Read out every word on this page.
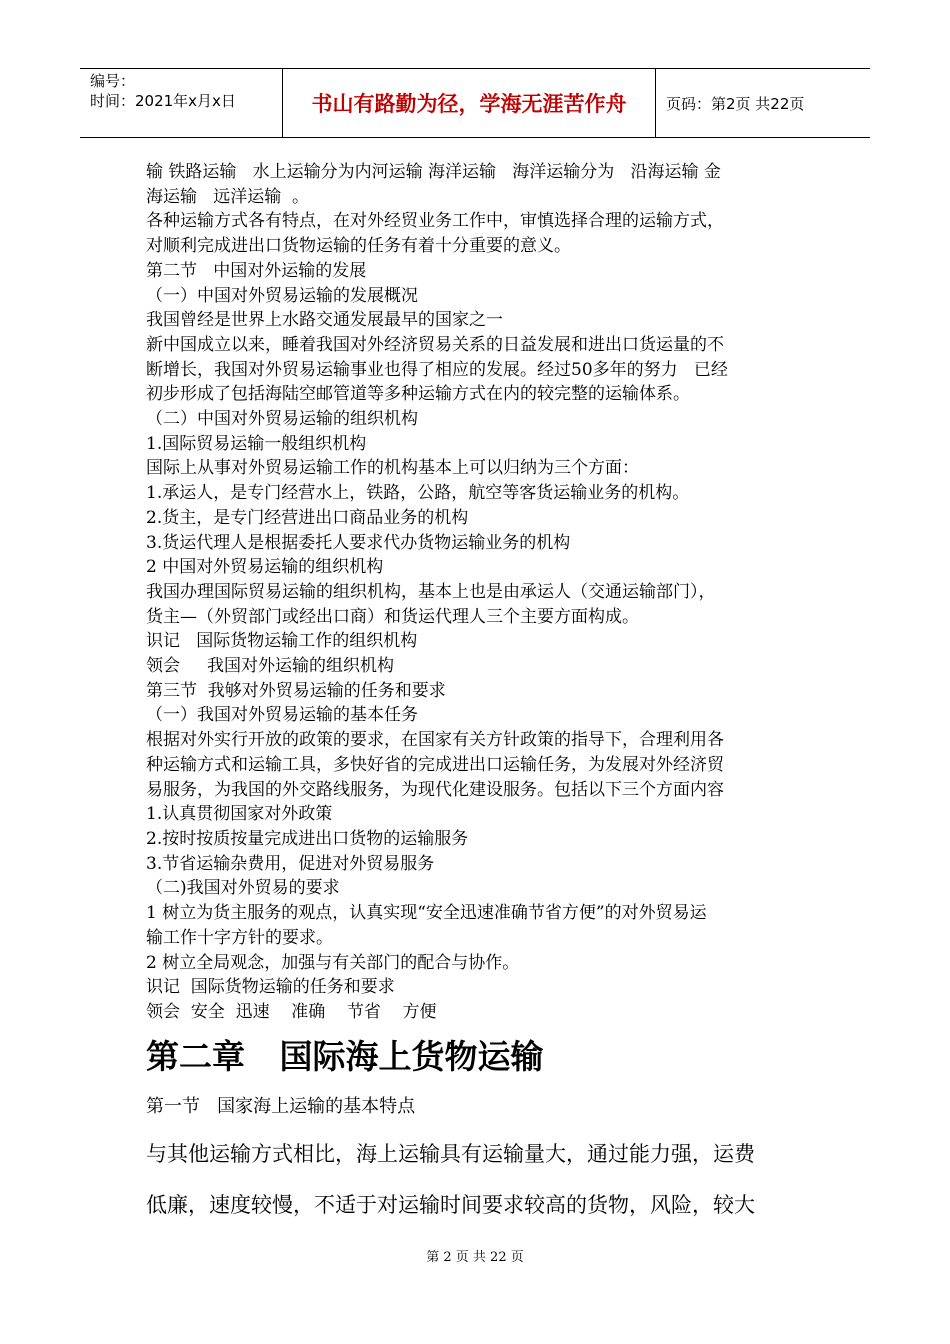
编号：
时间：2021年x月x日	书山有路勤为径，学海无涯苦作舟	页码：第2页 共22页

输 铁路运输   水上运输分为内河运输 海洋运输   海洋运输分为   沿海运输 金

海运输   远洋运输  。

各种运输方式各有特点，在对外经贸业务工作中，审慎选择合理的运输方式，

对顺利完成进出口货物运输的任务有着十分重要的意义。

第二节   中国对外运输的发展

（一）中国对外贸易运输的发展概况

我国曾经是世界上水路交通发展最早的国家之一

新中国成立以来，睡着我国对外经济贸易关系的日益发展和进出口货运量的不

断增长，我国对外贸易运输事业也得了相应的发展。经过50多年的努力   已经

初步形成了包括海陆空邮管道等多种运输方式在内的较完整的运输体系。

（二）中国对外贸易运输的组织机构

1.国际贸易运输一般组织机构

国际上从事对外贸易运输工作的机构基本上可以归纳为三个方面：

1.承运人，是专门经营水上，铁路，公路，航空等客货运输业务的机构。

2.货主，是专门经营进出口商品业务的机构

3.货运代理人是根据委托人要求代办货物运输业务的机构

2 中国对外贸易运输的组织机构

我国办理国际贸易运输的组织机构，基本上也是由承运人（交通运输部门），

货主—（外贸部门或经出口商）和货运代理人三个主要方面构成。

识记   国际货物运输工作的组织机构

领会     我国对外运输的组织机构

第三节  我够对外贸易运输的任务和要求

（一）我国对外贸易运输的基本任务

根据对外实行开放的政策的要求，在国家有关方针政策的指导下，合理利用各

种运输方式和运输工具，多快好省的完成进出口运输任务，为发展对外经济贸

易服务，为我国的外交路线服务，为现代化建设服务。包括以下三个方面内容

1.认真贯彻国家对外政策

2.按时按质按量完成进出口货物的运输服务

3.节省运输杂费用，促进对外贸易服务

（二)我国对外贸易的要求

1 树立为货主服务的观点，认真实现“安全迅速准确节省方便”的对外贸易运

输工作十字方针的要求。

2 树立全局观念，加强与有关部门的配合与协作。

识记  国际货物运输的任务和要求

领会  安全  迅速    准确    节省    方便

第二章   国际海上货物运输

第一节   国家海上运输的基本特点

与其他运输方式相比，海上运输具有运输量大，通过能力强，运费

低廉，速度较慢，不适于对运输时间要求较高的货物，风险，较大

第 2 页 共 22 页
